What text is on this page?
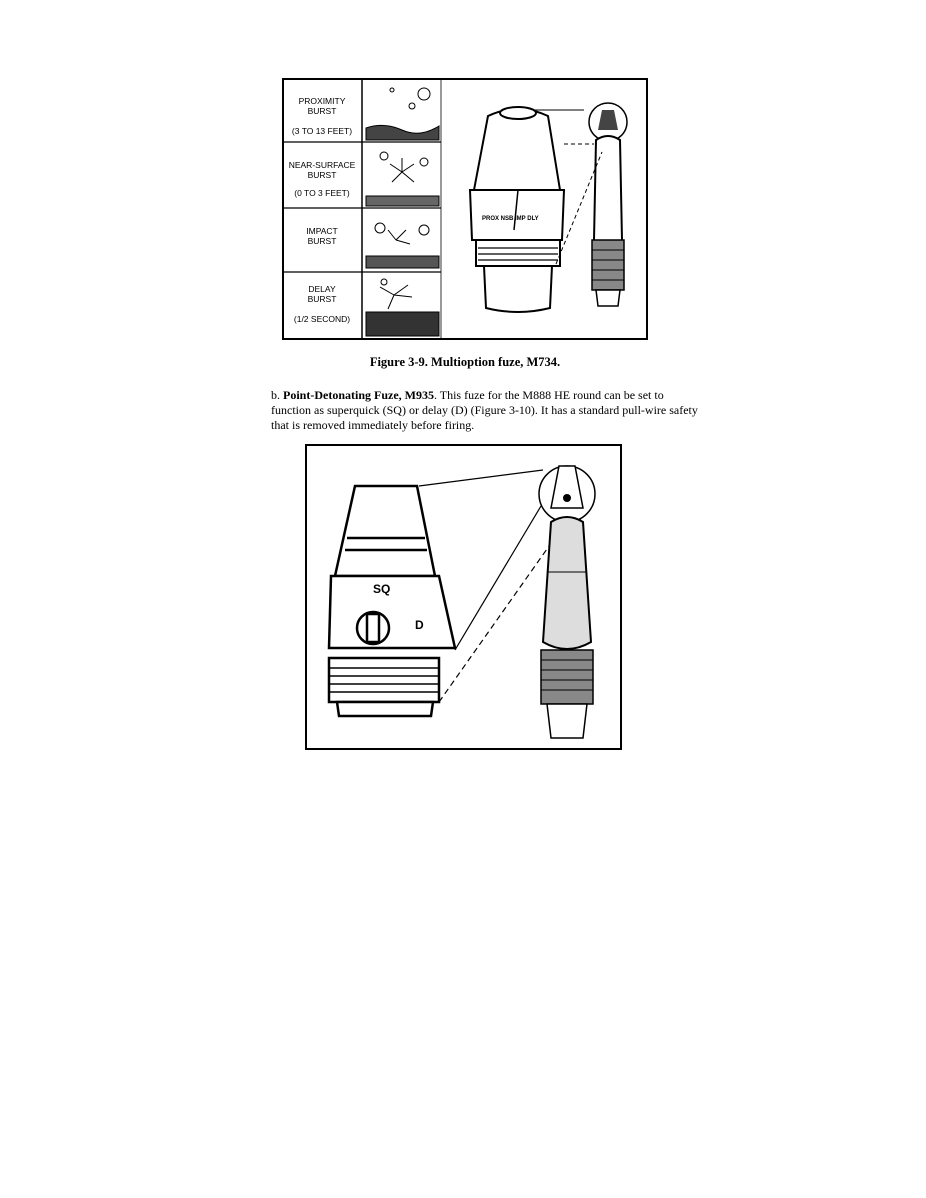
PROX NSB IMP DLY
PROXIMITY
BURST
(3 TO 13 FEET)
NEAR-SURFACE
BURST
(0 TO 3 FEET)
IMPACT
BURST
DELAY
BURST
(1/2 SECOND)
Figure 3-9. Multioption fuze, M734.
b. Point-Detonating Fuze, M935. This fuze for the M888 HE round can be set to function as superquick (SQ) or delay (D) (Figure 3-10). It has a standard pull-wire safety that is removed immediately before firing.
SQ
D
